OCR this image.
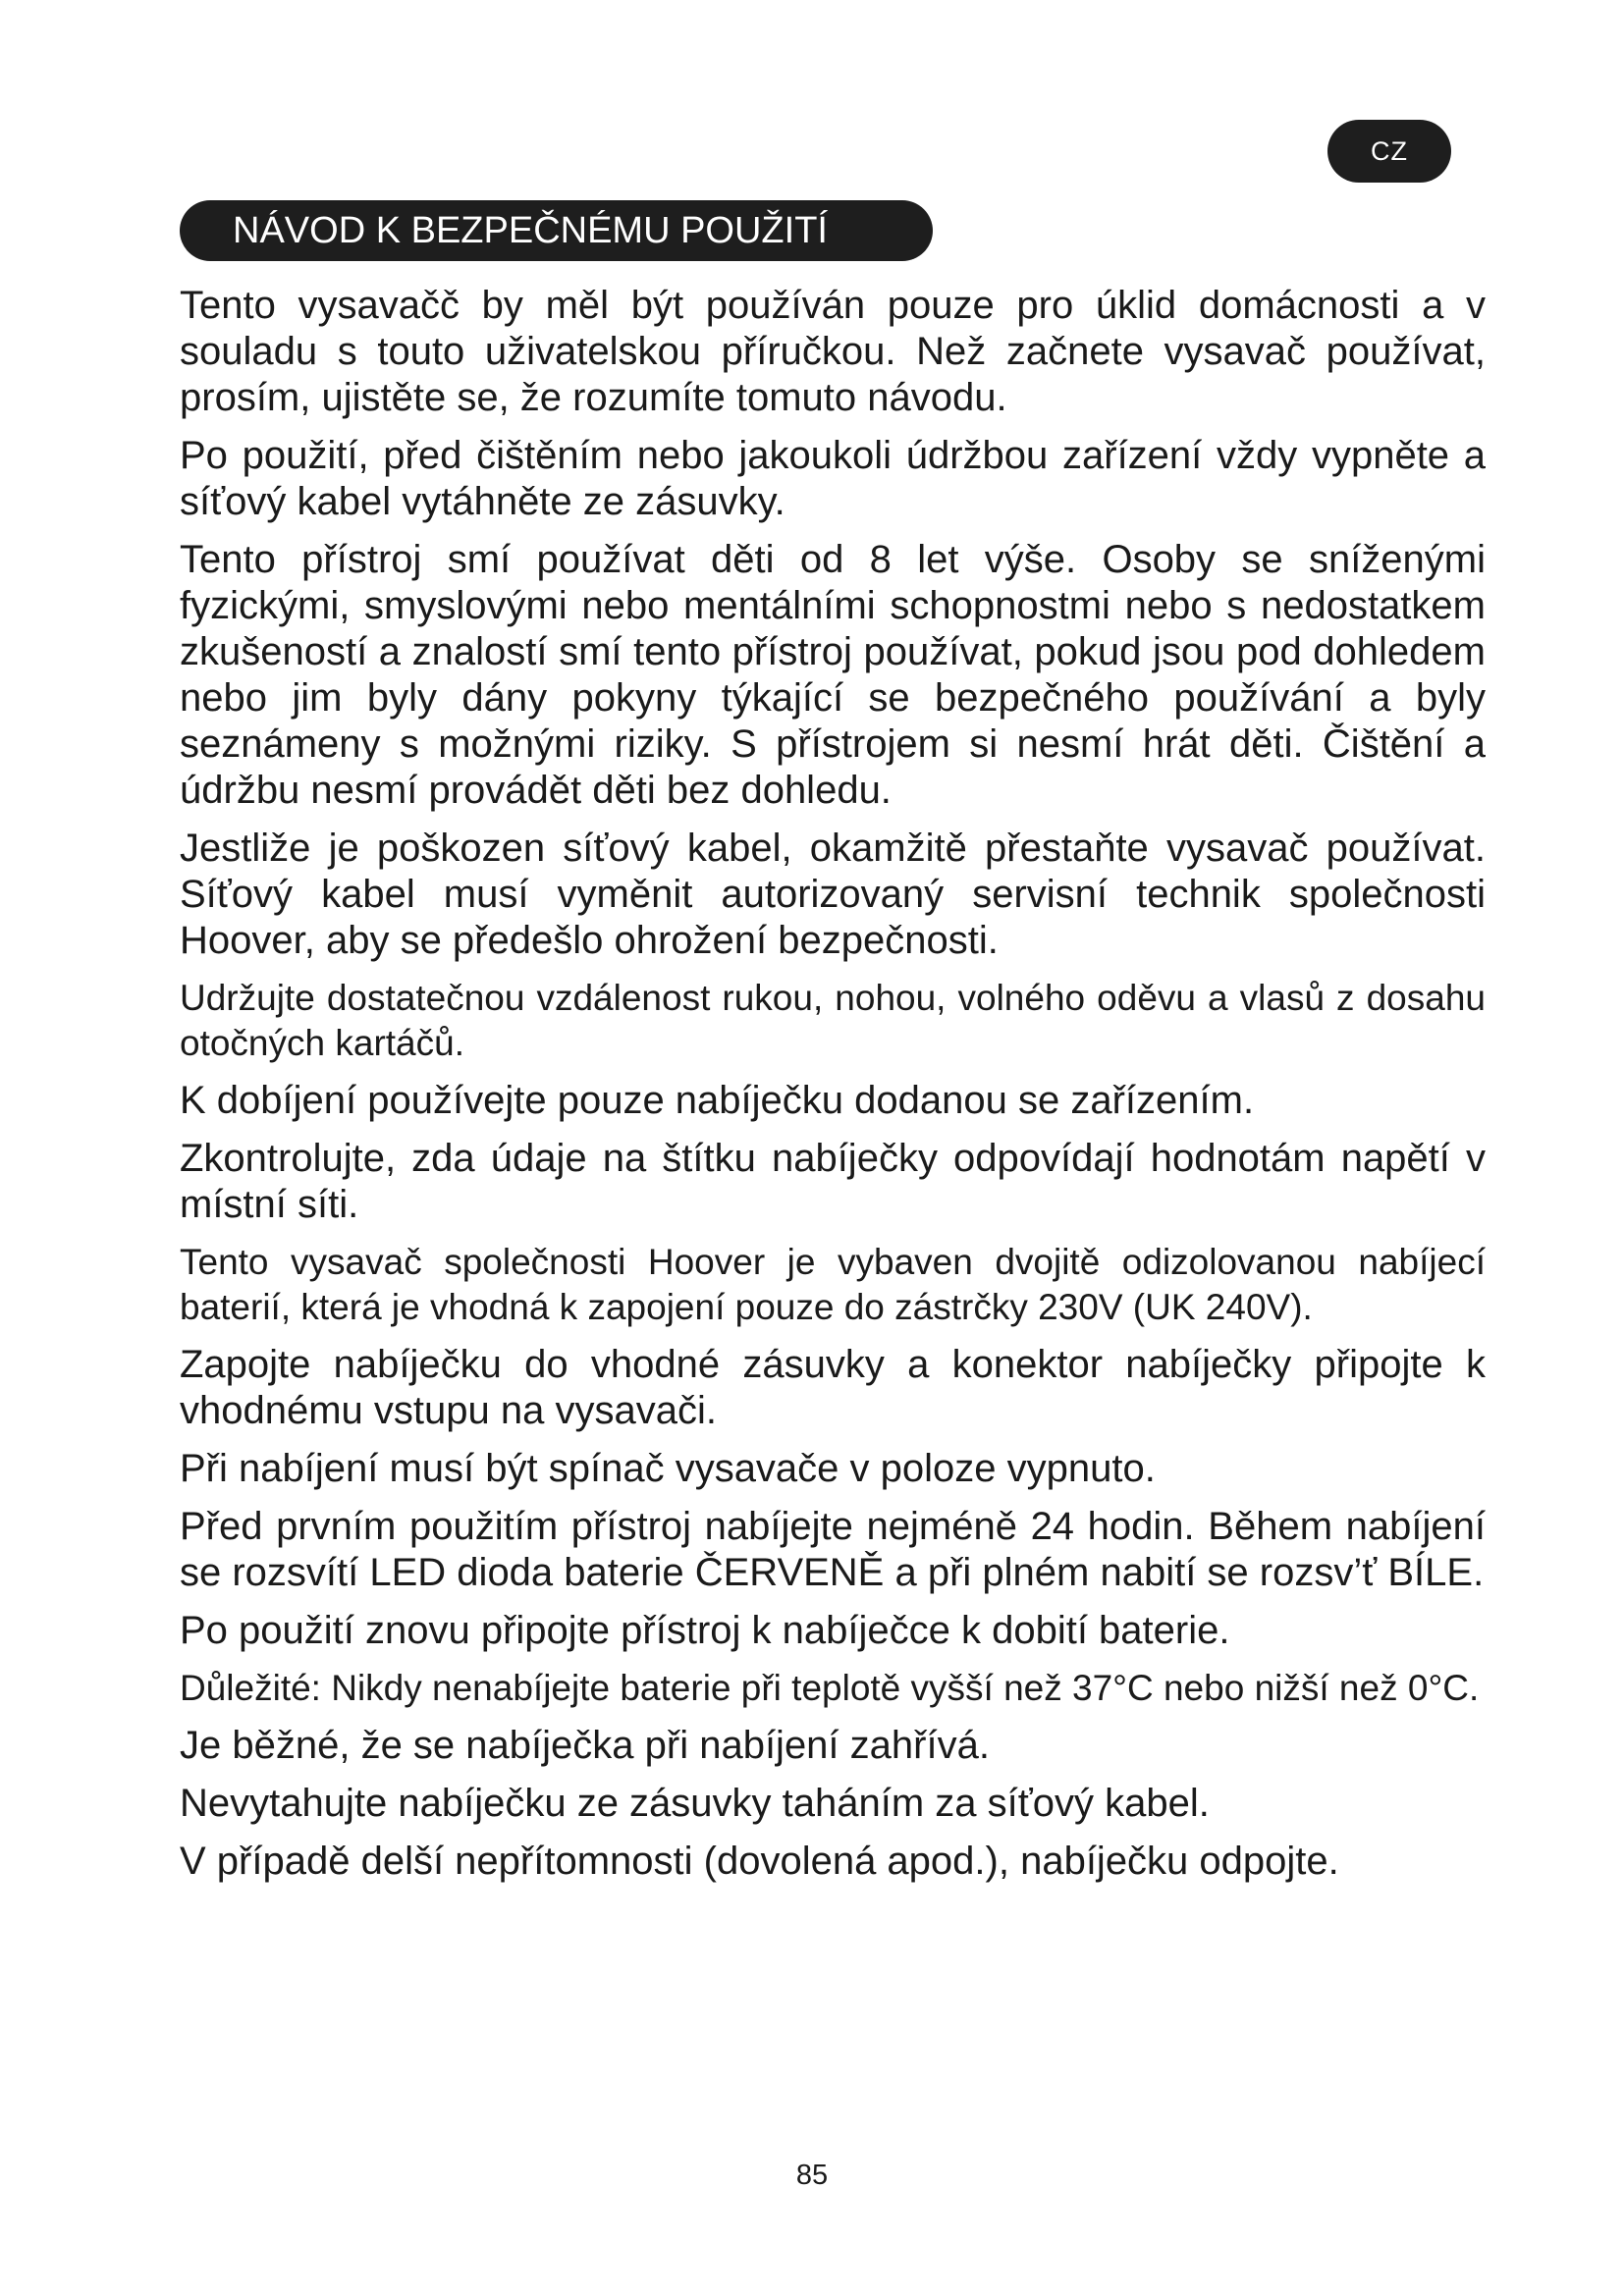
CZ
NÁVOD K BEZPEČNÉMU POUŽITÍ

Tento vysavačč by měl být používán pouze pro úklid domácnosti a v souladu s touto uživatelskou příručkou. Než začnete vysavač používat, prosím, ujistěte se, že rozumíte tomuto návodu.

Po použití, před čištěním nebo jakoukoli údržbou zařízení vždy vypněte a síťový kabel vytáhněte ze zásuvky.

Tento přístroj smí používat děti od 8 let výše. Osoby se sníženými fyzickými, smyslovými nebo mentálními schopnostmi nebo s nedostatkem zkušeností a znalostí smí tento přístroj používat, pokud jsou pod dohledem nebo jim byly dány pokyny týkající se bezpečného používání a byly seznámeny s možnými riziky. S přístrojem si nesmí hrát děti. Čištění a údržbu nesmí provádět děti bez dohledu.

Jestliže je poškozen síťový kabel, okamžitě přestaňte vysavač používat. Síťový kabel musí vyměnit autorizovaný servisní technik společnosti Hoover, aby se předešlo ohrožení bezpečnosti.

Udržujte dostatečnou vzdálenost rukou, nohou, volného oděvu a vlasů z dosahu otočných kartáčů.

K dobíjení používejte pouze nabíječku dodanou se zařízením.

Zkontrolujte, zda údaje na štítku nabíječky odpovídají hodnotám napětí v místní síti.

Tento vysavač společnosti Hoover je vybaven dvojitě odizolovanou nabíjecí baterií, která je vhodná k zapojení pouze do zástrčky 230V (UK 240V).

Zapojte nabíječku do vhodné zásuvky a konektor nabíječky připojte k vhodnému vstupu na vysavači.

Při nabíjení musí být spínač vysavače v poloze vypnuto.

Před prvním použitím přístroj nabíjejte nejméně 24 hodin. Během nabíjení se rozsvítí LED dioda baterie ČERVENĚ a při plném nabití se rozsv’ť BÍLE.

Po použití znovu připojte přístroj k nabíječce k dobití baterie.

Důležité: Nikdy nenabíjejte baterie při teplotě vyšší než 37°C nebo nižší než 0°C.

Je běžné, že se nabíječka při nabíjení zahřívá.

Nevytahujte nabíječku ze zásuvky taháním za síťový kabel.

V případě delší nepřítomnosti (dovolená apod.), nabíječku odpojte.

85
